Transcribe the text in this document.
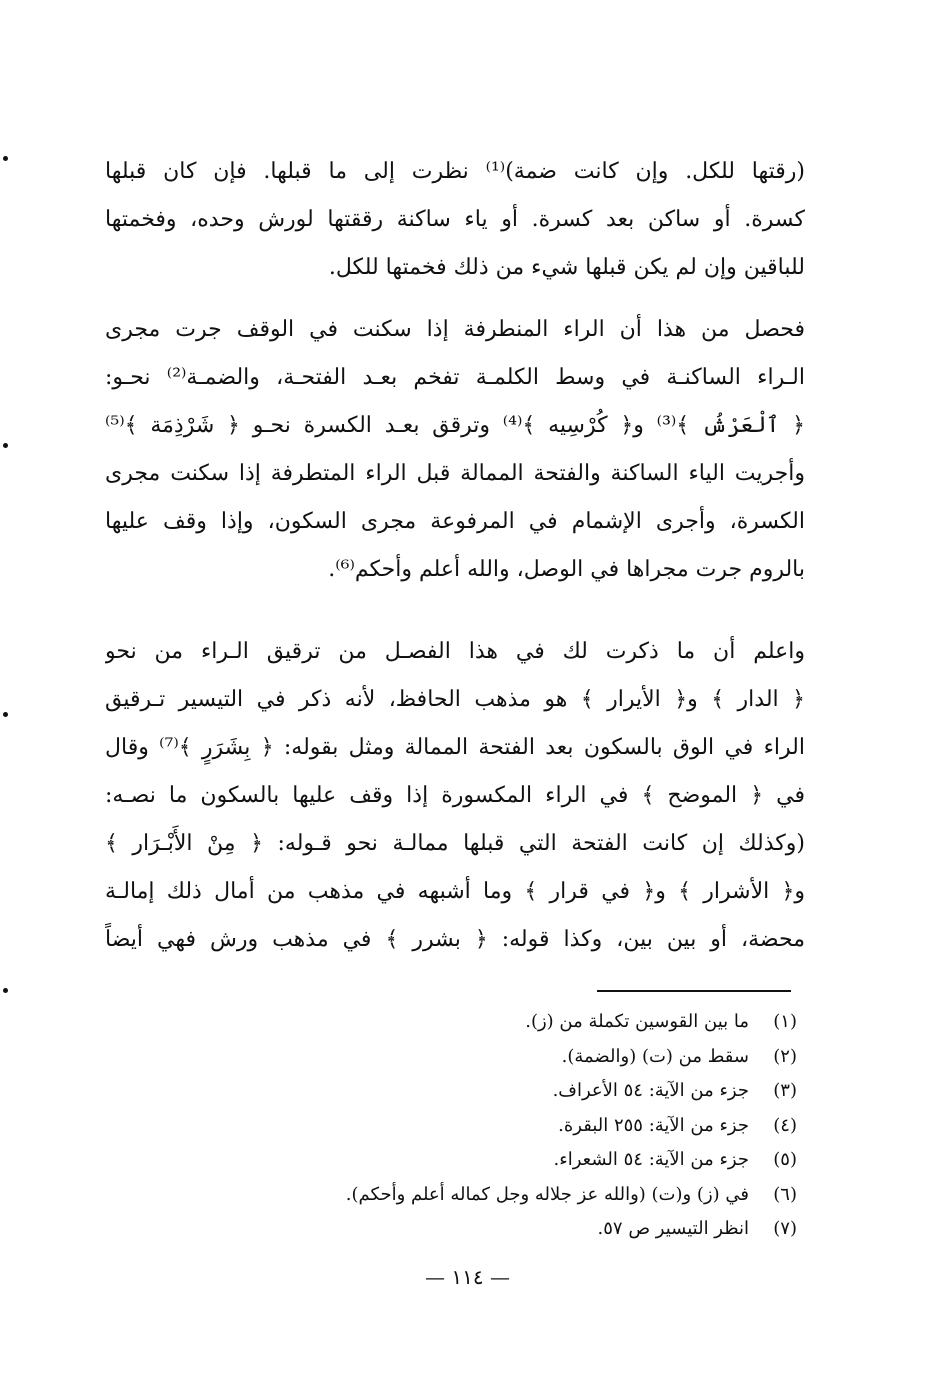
(رقتها للكل. وإن كانت ضمة)⁽¹⁾ نظرت إلى ما قبلها. فإن كان قبلها
كسرة. أو ساكن بعد كسرة. أو ياء ساكنة رققتها لورش وحده، وفخمتها
للباقين وإن لم يكن قبلها شيء من ذلك فخمتها للكل.
فحصل من هذا أن الراء المنطرفة إذا سكنت في الوقف جرت مجرى
الـراء الساكنـة في وسط الكلمـة تفخم بعـد الفتحـة، والضمـة⁽²⁾ نحـو:
﴿ ٱلْعَرْشُ ﴾⁽³⁾ و﴿ كُرْسِيه ﴾⁽⁴⁾ وترقق بعـد الكسرة نحـو ﴿ شَرْذِمَة ﴾⁽⁵⁾
وأجريت الياء الساكنة والفتحة الممالة قبل الراء المتطرفة إذا سكنت مجرى
الكسرة، وأجرى الإشمام في المرفوعة مجرى السكون، وإذا وقف عليها
بالروم جرت مجراها في الوصل، والله أعلم وأحكم⁽⁶⁾.
واعلم أن ما ذكرت لك في هذا الفصـل من ترقيق الـراء من نحو
﴿ الدار ﴾ و﴿ الأيرار ﴾ هو مذهب الحافظ، لأنه ذكر في التيسير تـرقيق
الراء في الوق بالسكون بعد الفتحة الممالة ومثل بقوله: ﴿ بِشَرَرٍ ﴾⁽⁷⁾ وقال
في ﴿ الموضح ﴾ في الراء المكسورة إذا وقف عليها بالسكون ما نصـه:
(وكذلك إن كانت الفتحة التي قبلها ممالـة نحو قـوله: ﴿ مِنْ الأَبْـرَار ﴾
و﴿ الأشرار ﴾ و﴿ في قرار ﴾ وما أشبهه في مذهب من أمال ذلك إمالـة
محضة، أو بين بين، وكذا قوله: ﴿ بشرر ﴾ في مذهب ورش فهي أيضاً
(١)ما بين القوسين تكملة من (ز).
(٢)سقط من (ت) (والضمة).
(٣)جزء من الآية: ٥٤ الأعراف.
(٤)جزء من الآية: ٢٥٥ البقرة.
(٥)جزء من الآية: ٥٤ الشعراء.
(٦)في (ز) و(ت) (والله عز جلاله وجل كماله أعلم وأحكم).
(٧)انظر التيسير ص ٥٧.
— ١١٤ —
